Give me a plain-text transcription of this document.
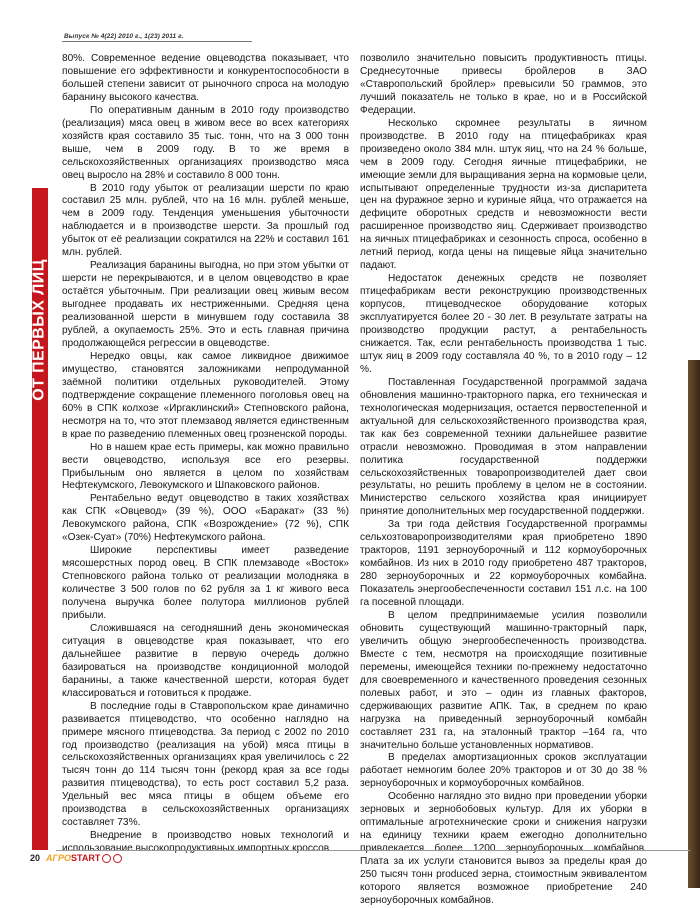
Выпуск № 4(22) 2010 г., 1(23) 2011 г.
ОТ ПЕРВЫХ ЛИЦ

80%. Современное ведение овцеводства показывает, что повышение его эффективности и конкурентоспособности в большей степени зависит от рыночного спроса на молодую баранину высокого качества.

По оперативным данным в 2010 году производство (реализация) мяса овец в живом весе во всех категориях хозяйств края составило 35 тыс. тонн, что на 3 000 тонн выше, чем в 2009 году. В то же время в сельскохозяйственных организациях производство мяса овец выросло на 28% и составило 8 000 тонн.

В 2010 году убыток от реализации шерсти по краю составил 25 млн. рублей, что на 16 млн. рублей меньше, чем в 2009 году. Тенденция уменьшения убыточности наблюдается и в производстве шерсти. За прошлый год убыток от её реализации сократился на 22% и составил 161 млн. рублей.

Реализация баранины выгодна, но при этом убытки от шерсти не перекрываются, и в целом овцеводство в крае остаётся убыточным. При реализации овец живым весом выгоднее продавать их нестриженными. Средняя цена реализованной шерсти в минувшем году составила 38 рублей, а окупаемость 25%. Это и есть главная причина продолжающейся регрессии в овцеводстве.

Нередко овцы, как самое ликвидное движимое имущество, становятся заложниками непродуманной заёмной политики отдельных руководителей. Этому подтверждение сокращение племенного поголовья овец на 60% в СПК колхозе «Иргаклинский» Степновского района, несмотря на то, что этот племзавод является единственным в крае по разведению племенных овец грозненской породы.

Но в нашем крае есть примеры, как можно правильно вести овцеводство, используя все его резервы. Прибыльным оно является в целом по хозяйствам Нефтекумского, Левокумского и Шпаковского районов.

Рентабельно ведут овцеводство в таких хозяйствах как СПК «Овцевод» (39 %), ООО «Баракат» (33 %) Левокумского района, СПК «Возрождение» (72 %), СПК «Озек-Суат» (70%) Нефтекумского района.

Широкие перспективы имеет разведение мясошерстных пород овец. В СПК племзаводе «Восток» Степновского района только от реализации молодняка в количестве 3 500 голов по 62 рубля за 1 кг живого веса получена выручка более полутора миллионов рублей прибыли.

Сложившаяся на сегодняшний день экономическая ситуация в овцеводстве края показывает, что его дальнейшее развитие в первую очередь должно базироваться на производстве кондиционной молодой баранины, а также качественной шерсти, которая будет классироваться и готовиться к продаже.

В последние годы в Ставропольском крае динамично развивается птицеводство, что особенно наглядно на примере мясного птицеводства. За период с 2002 по 2010 год производство (реализация на убой) мяса птицы в сельскохозяйственных организациях края увеличилось с 22 тысяч тонн до 114 тысяч тонн (рекорд края за все годы развития птицеводства), то есть рост составил 5,2 раза. Удельный вес мяса птицы в общем объеме его производства в сельскохозяйственных организациях составляет 73%.

Внедрение в производство новых технологий и использование высокопродуктивных импортных кроссов

позволило значительно повысить продуктивность птицы. Среднесуточные привесы бройлеров в ЗАО «Ставропольский бройлер» превысили 50 граммов, это лучший показатель не только в крае, но и в Российской Федерации.

Несколько скромнее результаты в яичном производстве. В 2010 году на птицефабриках края произведено около 384 млн. штук яиц, что на 24 % больше, чем в 2009 году. Сегодня яичные птицефабрики, не имеющие земли для выращивания зерна на кормовые цели, испытывают определенные трудности из-за диспаритета цен на фуражное зерно и куриные яйца, что отражается на дефиците оборотных средств и невозможности вести расширенное производство яиц. Сдерживает производство на яичных птицефабриках и сезонность спроса, особенно в летний период, когда цены на пищевые яйца значительно падают.

Недостаток денежных средств не позволяет птицефабрикам вести реконструкцию производственных корпусов, птицеводческое оборудование которых эксплуатируется более 20 - 30 лет. В результате затраты на производство продукции растут, а рентабельность снижается. Так, если рентабельность производства 1 тыс. штук яиц в 2009 году составляла 40 %, то в 2010 году – 12 %.

Поставленная Государственной программой задача обновления машинно-тракторного парка, его техническая и технологическая модернизация, остается первостепенной и актуальной для сельскохозяйственного производства края, так как без современной техники дальнейшее развитие отрасли невозможно. Проводимая в этом направлении политика государственной поддержки сельскохозяйственных товаропроизводителей дает свои результаты, но решить проблему в целом не в состоянии. Министерство сельского хозяйства края инициирует принятие дополнительных мер государственной поддержки.

За три года действия Государственной программы сельхозтоваропроизводителями края приобретено 1890 тракторов, 1191 зерноуборочный и 112 кормоуборочных комбайнов. Из них в 2010 году приобретено 487 тракторов, 280 зерноуборочных и 22 кормоуборочных комбайна. Показатель энергообеспеченности составил 151 л.с. на 100 га посевной площади.

В целом предпринимаемые усилия позволили обновить существующий машинно-тракторный парк, увеличить общую энергообеспеченность производства. Вместе с тем, несмотря на происходящие позитивные перемены, имеющейся техники по-прежнему недостаточно для своевременного и качественного проведения сезонных полевых работ, и это – один из главных факторов, сдерживающих развитие АПК. Так, в среднем по краю нагрузка на приведенный зерноуборочный комбайн составляет 231 га, на эталонный трактор –164 га, что значительно больше установленных нормативов.

В пределах амортизационных сроков эксплуатации работает немногим более 20% тракторов и от 30 до 38 % зерноуборочных и кормоуборочных комбайнов.

Особенно наглядно это видно при проведении уборки зерновых и зернобобовых культур. Для их уборки в оптимальные агротехнические сроки и снижения нагрузки на единицу техники краем ежегодно дополнительно привлекается более 1200 зерноуборочных комбайнов. Плата за их услуги становится вывоз за пределы края до 250 тысяч тонн produced зерна, стоимостным эквивалентом которого является возможное приобретение 240 зерноуборочных комбайнов.

20 АГРО START
